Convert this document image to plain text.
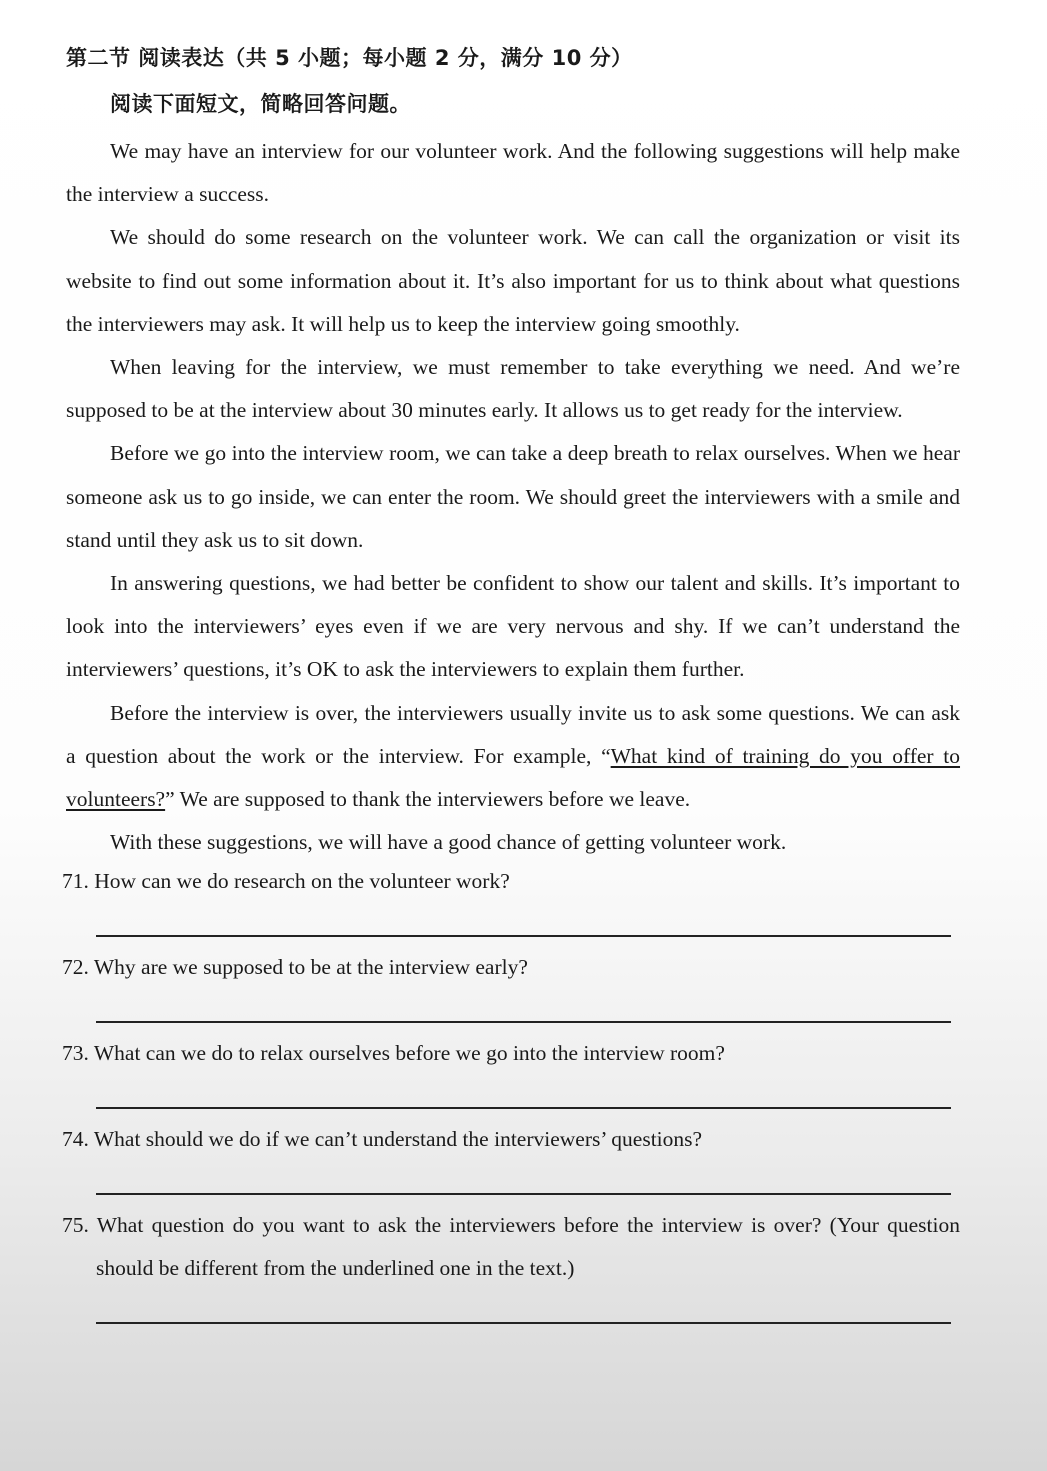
第二节 阅读表达（共 5 小题；每小题 2 分，满分 10 分）
阅读下面短文，简略回答问题。

We may have an interview for our volunteer work. And the following suggestions will help make the interview a success.

We should do some research on the volunteer work. We can call the organization or visit its website to find out some information about it. It’s also important for us to think about what questions the interviewers may ask. It will help us to keep the interview going smoothly.

When leaving for the interview, we must remember to take everything we need. And we’re supposed to be at the interview about 30 minutes early. It allows us to get ready for the interview.

Before we go into the interview room, we can take a deep breath to relax ourselves. When we hear someone ask us to go inside, we can enter the room. We should greet the interviewers with a smile and stand until they ask us to sit down.

In answering questions, we had better be confident to show our talent and skills. It’s important to look into the interviewers’ eyes even if we are very nervous and shy. If we can’t understand the interviewers’ questions, it’s OK to ask the interviewers to explain them further.

Before the interview is over, the interviewers usually invite us to ask some questions. We can ask a question about the work or the interview. For example, “What kind of training do you offer to volunteers?” We are supposed to thank the interviewers before we leave.

With these suggestions, we will have a good chance of getting volunteer work.

71. How can we do research on the volunteer work?
72. Why are we supposed to be at the interview early?
73. What can we do to relax ourselves before we go into the interview room?
74. What should we do if we can’t understand the interviewers’ questions?
75. What question do you want to ask the interviewers before the interview is over? (Your question should be different from the underlined one in the text.)
